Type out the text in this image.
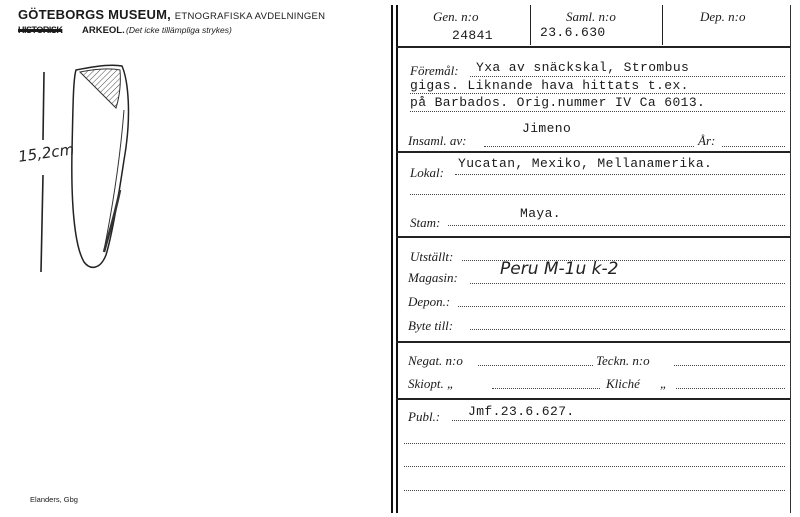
GÖTEBORGS MUSEUM, ETNOGRAFISKA AVDELNINGEN
HISTORISK ARKEOL. (Det icke tillämpliga strykes)
15,2cm
Elanders, Gbg
Gen. n:o
24841
Saml. n:o
23.6.630
Dep. n:o
Föremål: Yxa av snäckskal, Strombus
gigas. Liknande hava hittats t.ex.
på Barbados. Orig.nummer IV Ca 6013.
Jimeno
Insaml. av:	År:
Yucatan, Mexiko, Mellanamerika.
Lokal:
Maya.
Stam:
Utställt:
Peru M-1u k-2
Magasin:
Depon.:
Byte till:
Negat. n:o	Teckn. n:o
Skiopt. „	Kliché „
Publ.: Jmf.23.6.627.
